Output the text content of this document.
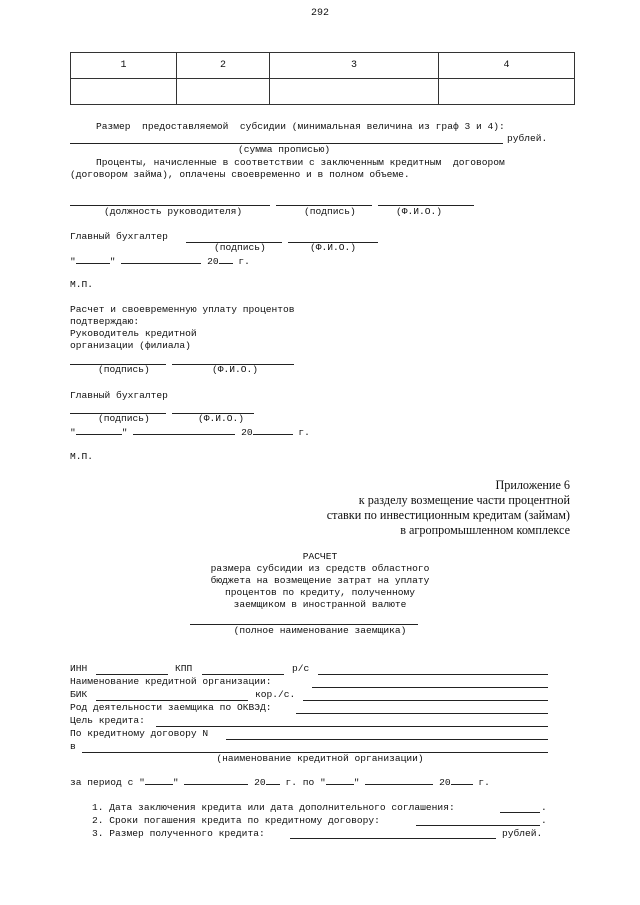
292
1	2	3	4

Размер  предоставляемой  субсидии (минимальная величина из граф 3 и 4):
рублей.
(сумма прописью)
Проценты, начисленные в соответствии с заключенным кредитным  договором
(договором займа), оплачены своевременно и в полном объеме.
(должность руководителя)	(подпись)	(Ф.И.О.)
Главный бухгалтер
(подпись)	(Ф.И.О.)
"	"	20 г.
М.П.
Расчет и своевременную уплату процентов
подтверждаю:
Руководитель кредитной
организации (филиала)
(подпись)	(Ф.И.О.)
Главный бухгалтер
(подпись)	(Ф.И.О.)
"	"	20	г.
М.П.
Приложение 6
к разделу возмещение части процентной
ставки по инвестиционным кредитам (займам)
в агропромышленном комплексе
РАСЧЕТ
размера субсидии из средств областного
бюджета на возмещение затрат на уплату
процентов по кредиту, полученному
заемщиком в иностранной валюте
(полное наименование заемщика)
ИНН	КПП	р/с
Наименование кредитной организации:
БИК	кор./с.
Род деятельности заемщика по ОКВЭД:
Цель кредита:
По кредитному договору N
в
(наименование кредитной организации)
за период с "	"	20 г. по "	"	20	г.
1. Дата заключения кредита или дата дополнительного соглашения:	.
2. Сроки погашения кредита по кредитному договору:	.
3. Размер полученного кредита:	рублей.
